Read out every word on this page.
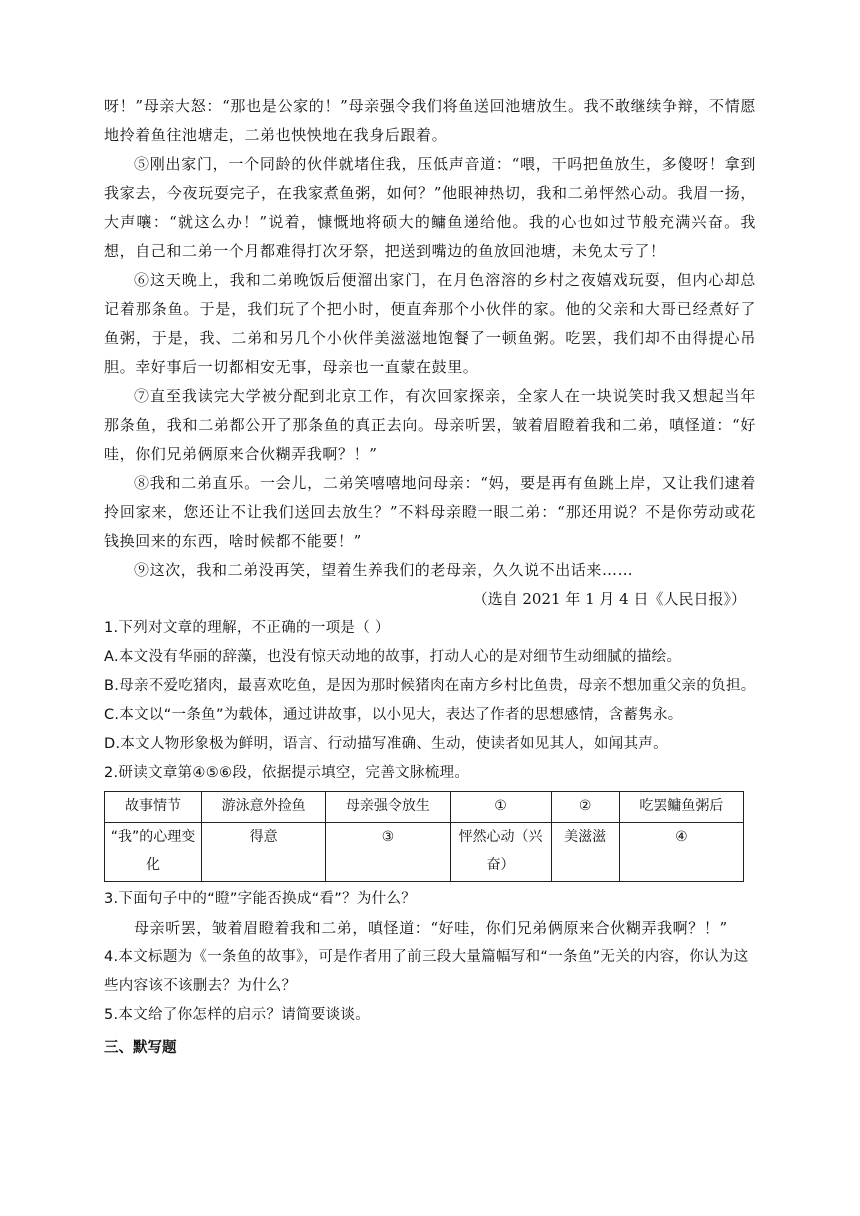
呀！”母亲大怒：“那也是公家的！”母亲强令我们将鱼送回池塘放生。我不敢继续争辩，不情愿地拎着鱼往池塘走，二弟也怏怏地在我身后跟着。

⑤刚出家门，一个同龄的伙伴就堵住我，压低声音道：“喂，干吗把鱼放生，多傻呀！拿到我家去，今夜玩耍完子，在我家煮鱼粥，如何？”他眼神热切，我和二弟怦然心动。我眉一扬，大声嚷：“就这么办！”说着，慷慨地将硕大的鳙鱼递给他。我的心也如过节般充满兴奋。我想，自己和二弟一个月都难得打次牙祭，把送到嘴边的鱼放回池塘，未免太亏了！

⑥这天晚上，我和二弟晚饭后便溜出家门，在月色溶溶的乡村之夜嬉戏玩耍，但内心却总记着那条鱼。于是，我们玩了个把小时，便直奔那个小伙伴的家。他的父亲和大哥已经煮好了鱼粥，于是，我、二弟和另几个小伙伴美滋滋地饱餐了一顿鱼粥。吃罢，我们却不由得提心吊胆。幸好事后一切都相安无事，母亲也一直蒙在鼓里。

⑦直至我读完大学被分配到北京工作，有次回家探亲，全家人在一块说笑时我又想起当年那条鱼，我和二弟都公开了那条鱼的真正去向。母亲听罢，皱着眉瞪着我和二弟，嗔怪道：“好哇，你们兄弟俩原来合伙糊弄我啊？！”

⑧我和二弟直乐。一会儿，二弟笑嘻嘻地问母亲：“妈，要是再有鱼跳上岸，又让我们逮着拎回家来，您还让不让我们送回去放生？”不料母亲瞪一眼二弟：“那还用说？不是你劳动或花钱换回来的东西，啥时候都不能要！”

⑨这次，我和二弟没再笑，望着生养我们的老母亲，久久说不出话来……

（选自 2021 年 1 月 4 日《人民日报》）

1.下列对文章的理解，不正确的一项是（ ）

A.本文没有华丽的辞藻，也没有惊天动地的故事，打动人心的是对细节生动细腻的描绘。

B.母亲不爱吃猪肉，最喜欢吃鱼，是因为那时候猪肉在南方乡村比鱼贵，母亲不想加重父亲的负担。

C.本文以“一条鱼”为载体，通过讲故事，以小见大，表达了作者的思想感情，含蓄隽永。

D.本文人物形象极为鲜明，语言、行动描写准确、生动，使读者如见其人，如闻其声。

2.研读文章第④⑤⑥段，依据提示填空，完善文脉梳理。

故事情节	游泳意外捡鱼	母亲强令放生	①	②	吃罢鳙鱼粥后
“我”的心理变化	得意	③	怦然心动（兴奋）	美滋滋	④

3.下面句子中的“瞪”字能否换成“看”？为什么？

母亲听罢，皱着眉瞪着我和二弟，嗔怪道：“好哇，你们兄弟俩原来合伙糊弄我啊？！”

4.本文标题为《一条鱼的故事》，可是作者用了前三段大量篇幅写和“一条鱼”无关的内容，你认为这些内容该不该删去？为什么？

5.本文给了你怎样的启示？请简要谈谈。

三、默写题
